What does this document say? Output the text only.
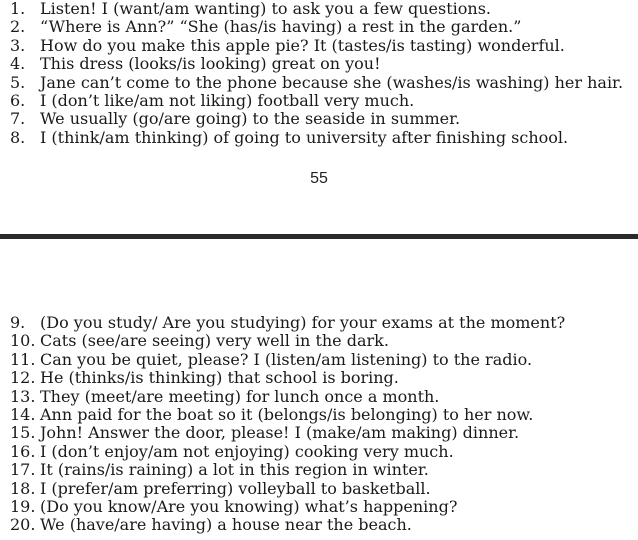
1. Listen! I (want/am wanting) to ask you a few questions.
2. “Where is Ann?” “She (has/is having) a rest in the garden.”
3. How do you make this apple pie? It (tastes/is tasting) wonderful.
4. This dress (looks/is looking) great on you!
5. Jane can’t come to the phone because she (washes/is washing) her hair.
6. I (don’t like/am not liking) football very much.
7. We usually (go/are going) to the seaside in summer.
8. I (think/am thinking) of going to university after finishing school.
55
9. (Do you study/ Are you studying) for your exams at the moment?
10. Cats (see/are seeing) very well in the dark.
11. Can you be quiet, please? I (listen/am listening) to the radio.
12. He (thinks/is thinking) that school is boring.
13. They (meet/are meeting) for lunch once a month.
14. Ann paid for the boat so it (belongs/is belonging) to her now.
15. John! Answer the door, please! I (make/am making) dinner.
16. I (don’t enjoy/am not enjoying) cooking very much.
17. It (rains/is raining) a lot in this region in winter.
18. I (prefer/am preferring) volleyball to basketball.
19. (Do you know/Are you knowing) what’s happening?
20. We (have/are having) a house near the beach.
